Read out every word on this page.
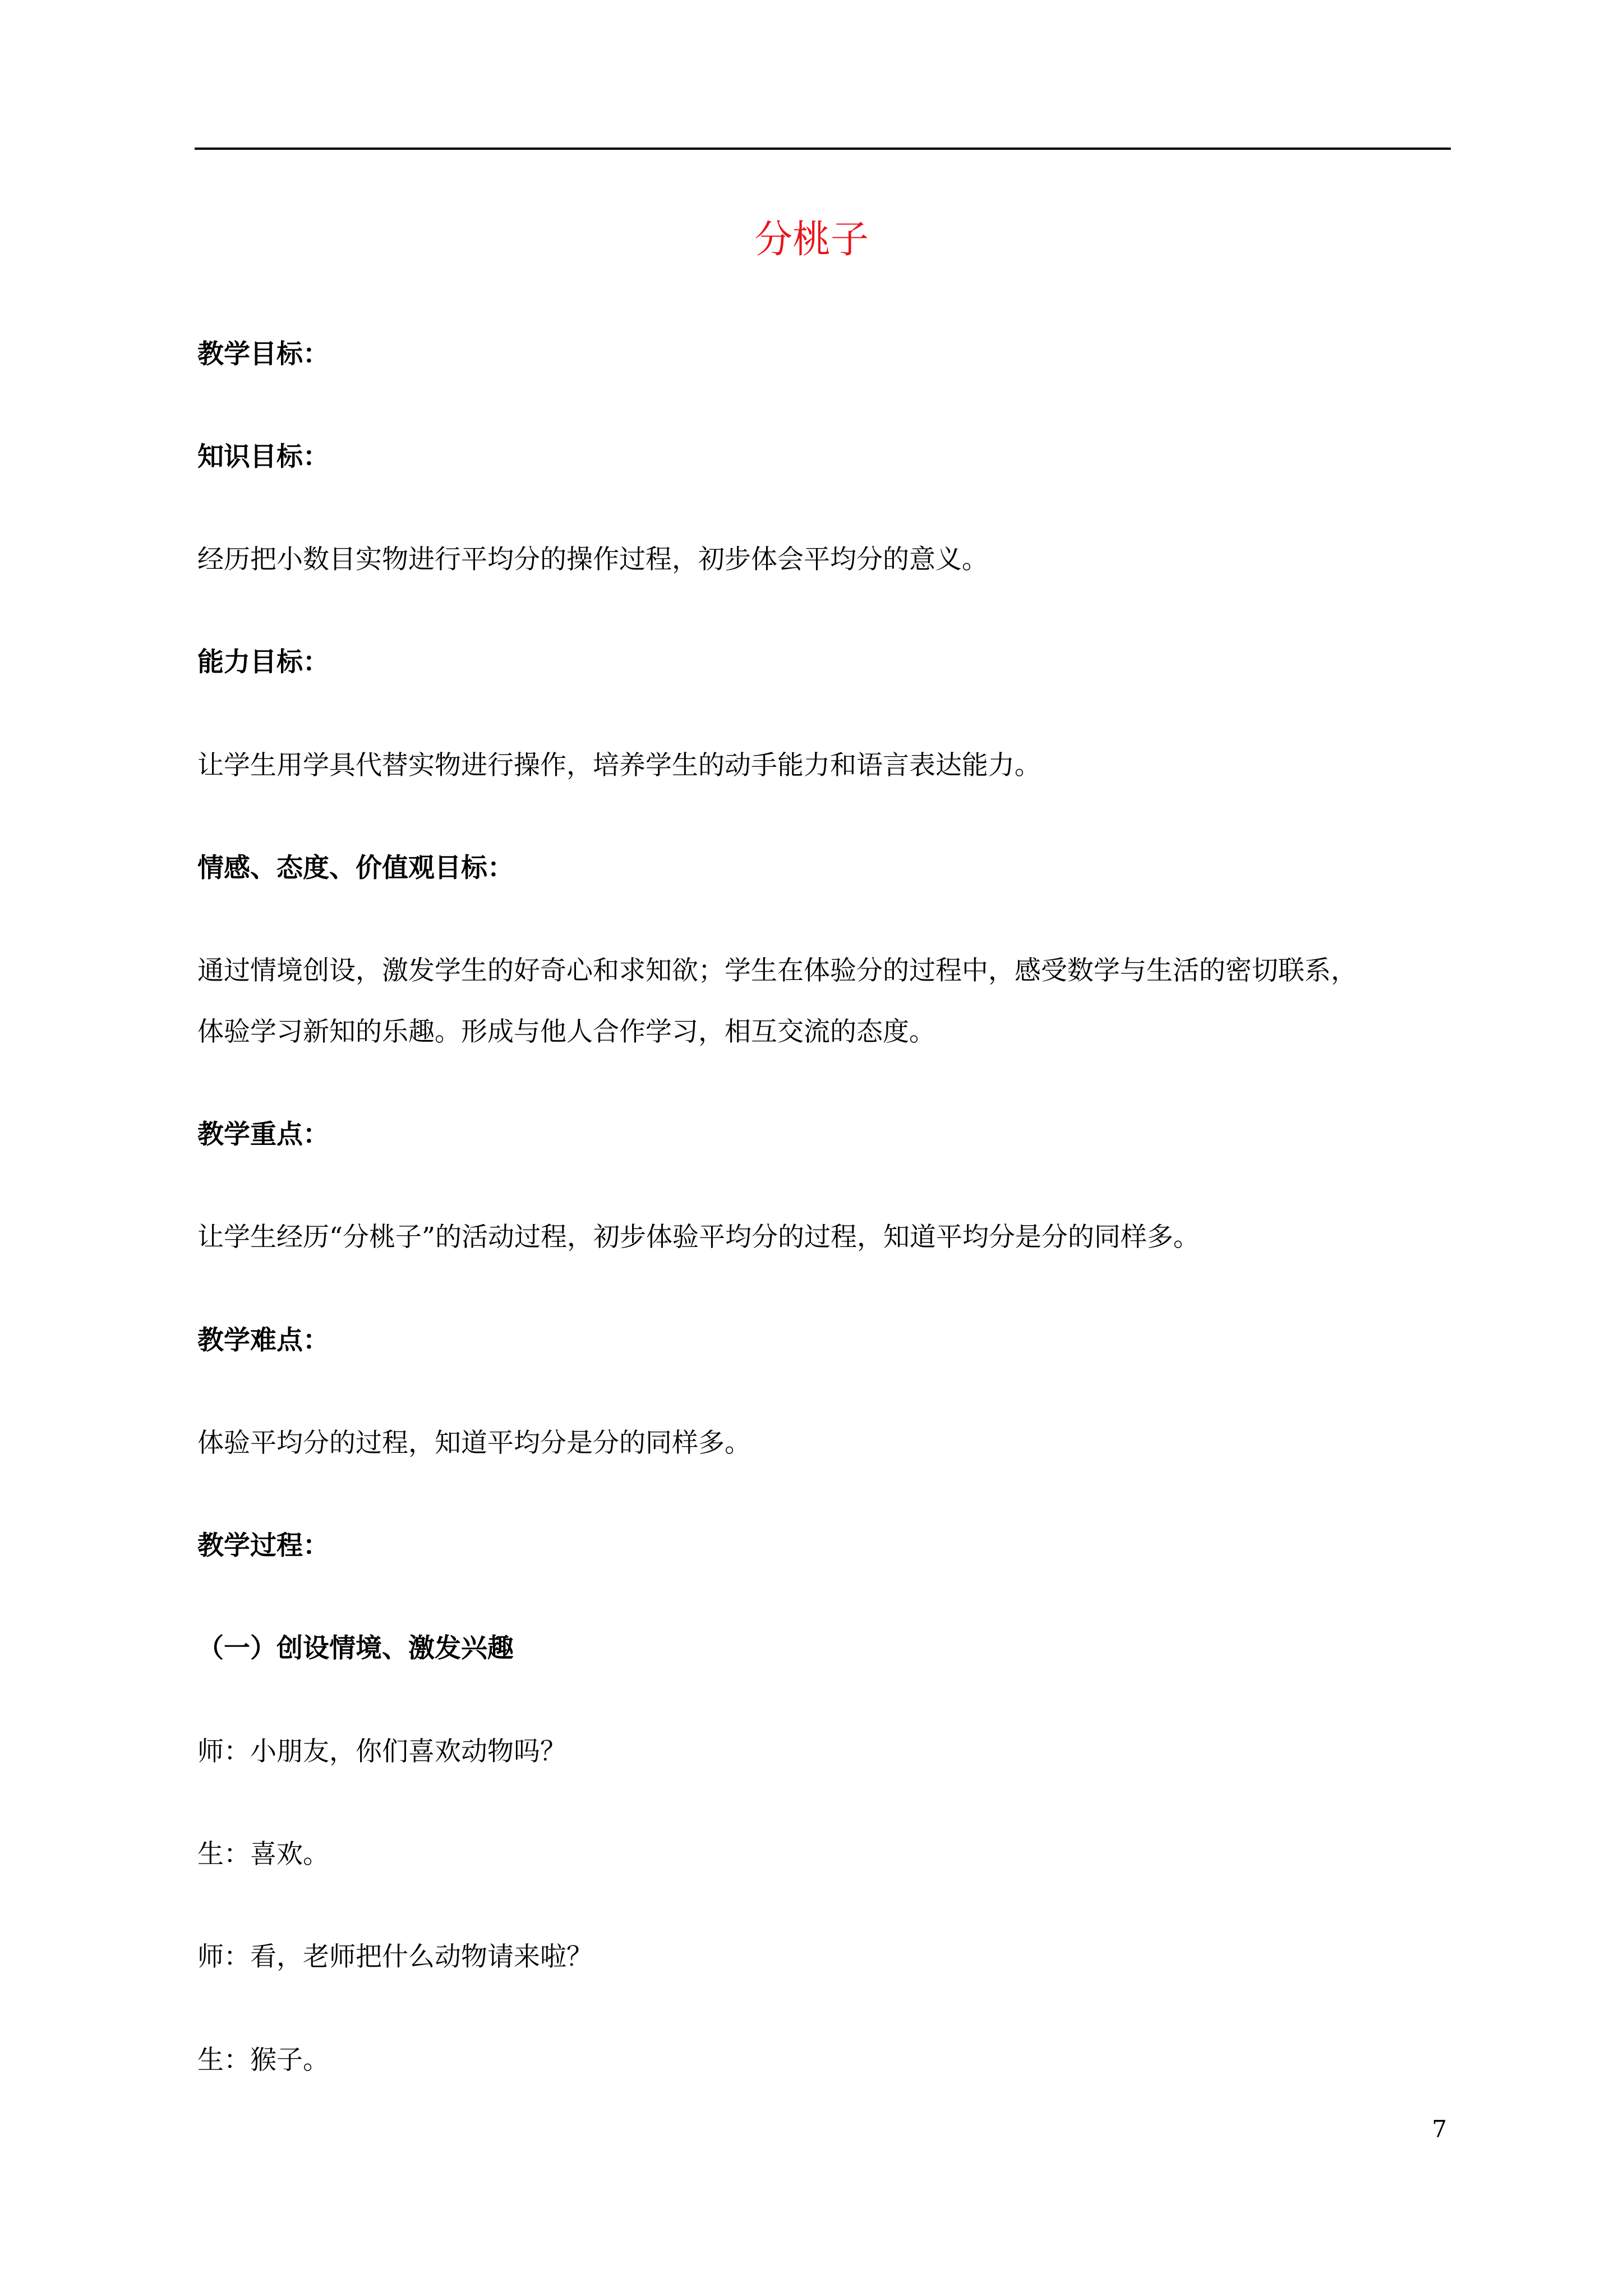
分桃子
教学目标：
知识目标：
经历把小数目实物进行平均分的操作过程，初步体会平均分的意义。
能力目标：
让学生用学具代替实物进行操作，培养学生的动手能力和语言表达能力。
情感、态度、价值观目标：
通过情境创设，激发学生的好奇心和求知欲；学生在体验分的过程中，感受数学与生活的密切联系，
体验学习新知的乐趣。形成与他人合作学习，相互交流的态度。
教学重点：
让学生经历“分桃子”的活动过程，初步体验平均分的过程，知道平均分是分的同样多。
教学难点：
体验平均分的过程，知道平均分是分的同样多。
教学过程：
（一）创设情境、激发兴趣
师：小朋友，你们喜欢动物吗？
生：喜欢。
师：看，老师把什么动物请来啦？
生：猴子。
7
